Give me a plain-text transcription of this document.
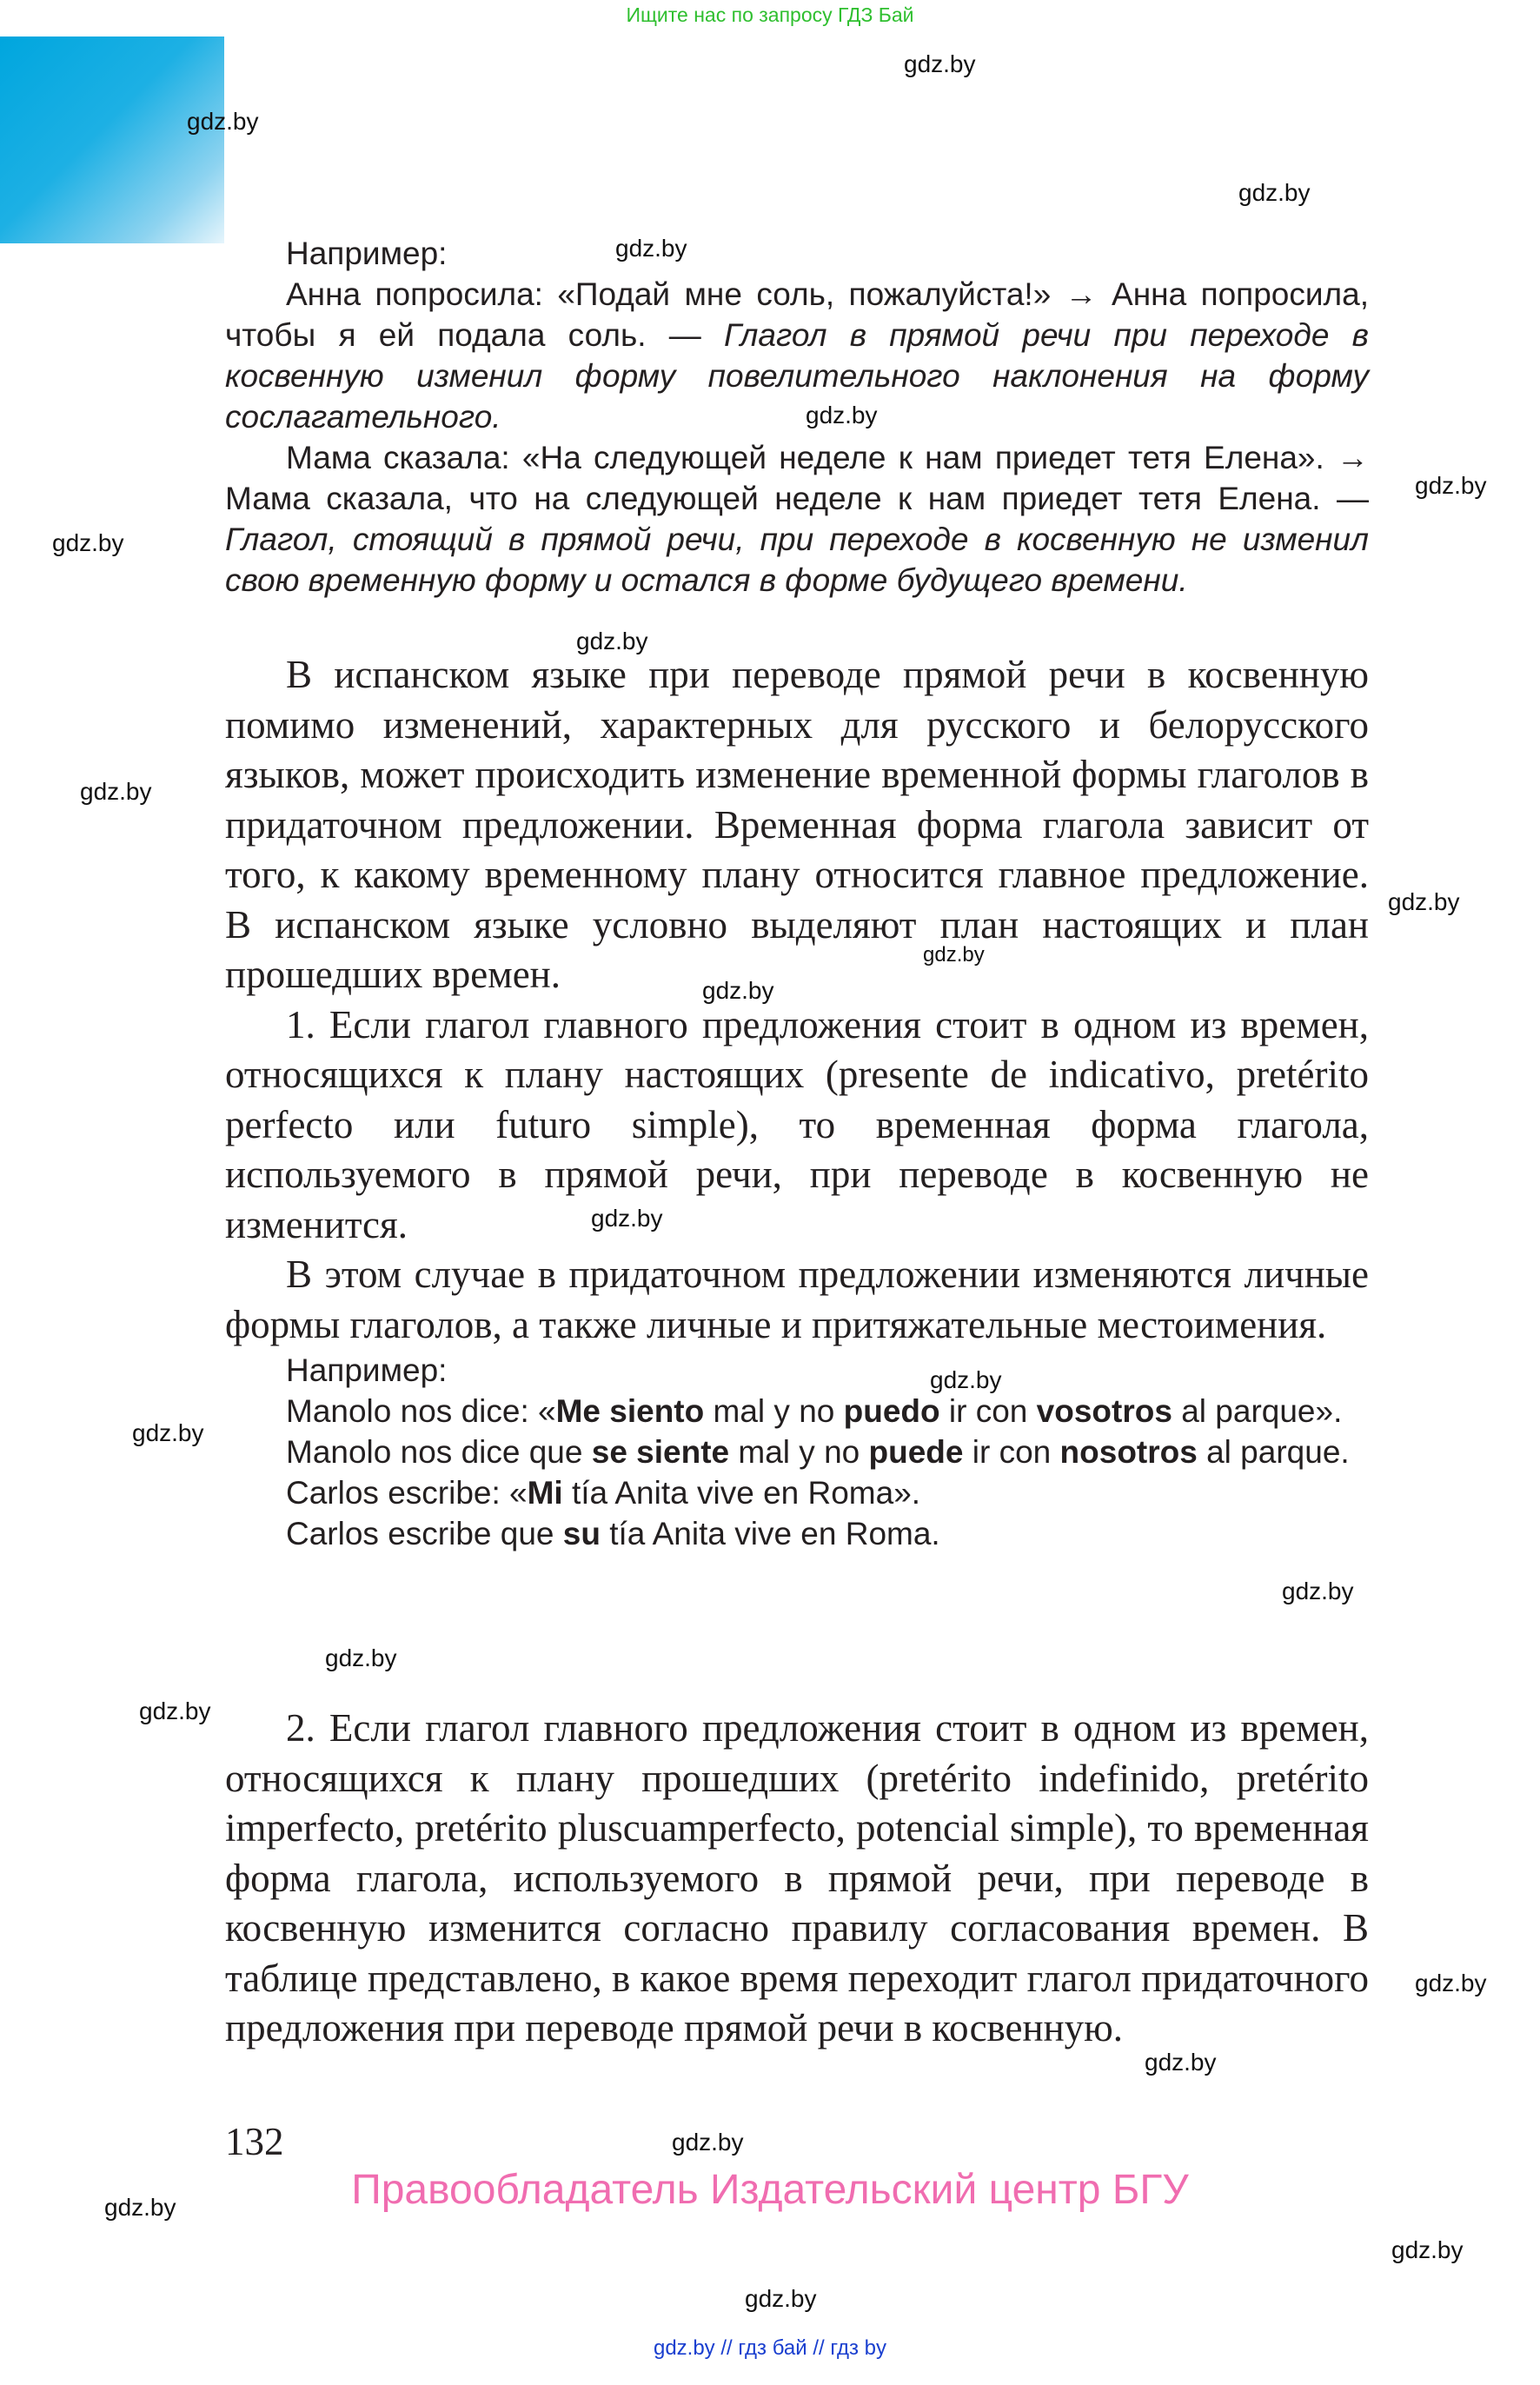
Ищите нас по запросу ГДЗ Бай
gdz.by
gdz.by
gdz.by
gdz.by
gdz.by
gdz.by
gdz.by
gdz.by
gdz.by
gdz.by
gdz.by
gdz.by
gdz.by
gdz.by
gdz.by
gdz.by
gdz.by
gdz.by
gdz.by
gdz.by
gdz.by
gdz.by
gdz.by
gdz.by

Например:

Анна попросила: «Подай мне соль, пожалуйста!» → Анна попросила, чтобы я ей подала соль. — Глагол в прямой речи при переходе в косвенную изменил форму повелительного наклонения на форму сослагательного.

Мама сказала: «На следующей неделе к нам приедет тетя Елена». → Мама сказала, что на следующей неделе к нам приедет тетя Елена. — Глагол, стоящий в прямой речи, при переходе в косвенную не изменил свою временную форму и остался в форме будущего времени.

В испанском языке при переводе прямой речи в косвенную помимо изменений, характерных для русского и белорусского языков, может происходить изменение временной формы глаголов в придаточном предложении. Временная форма глагола зависит от того, к какому временному плану относится главное предложение. В испанском языке условно выделяют план настоящих и план прошедших времен.

1. Если глагол главного предложения стоит в одном из времен, относящихся к плану настоящих (presente de indicativo, pretérito perfecto или futuro simple), то временная форма глагола, используемого в прямой речи, при переводе в косвенную не изменится.

В этом случае в придаточном предложении изменяются личные формы глаголов, а также личные и притяжательные местоимения.

Например:

Manolo nos dice: «Me siento mal y no puedo ir con vosotros al parque».

Manolo nos dice que se siente mal y no puede ir con nosotros al parque.

Carlos escribe: «Mi tía Anita vive en Roma».

Carlos escribe que su tía Anita vive en Roma.

2. Если глагол главного предложения стоит в одном из времен, относящихся к плану прошедших (pretérito indefinido, pretérito imperfecto, pretérito pluscuamperfecto, potencial simple), то временная форма глагола, используемого в прямой речи, при переводе в косвенную изменится согласно правилу согласования времен. В таблице представлено, в какое время переходит глагол придаточного предложения при переводе прямой речи в косвенную.

132
Правообладатель Издательский центр БГУ
gdz.by // гдз бай // гдз by
